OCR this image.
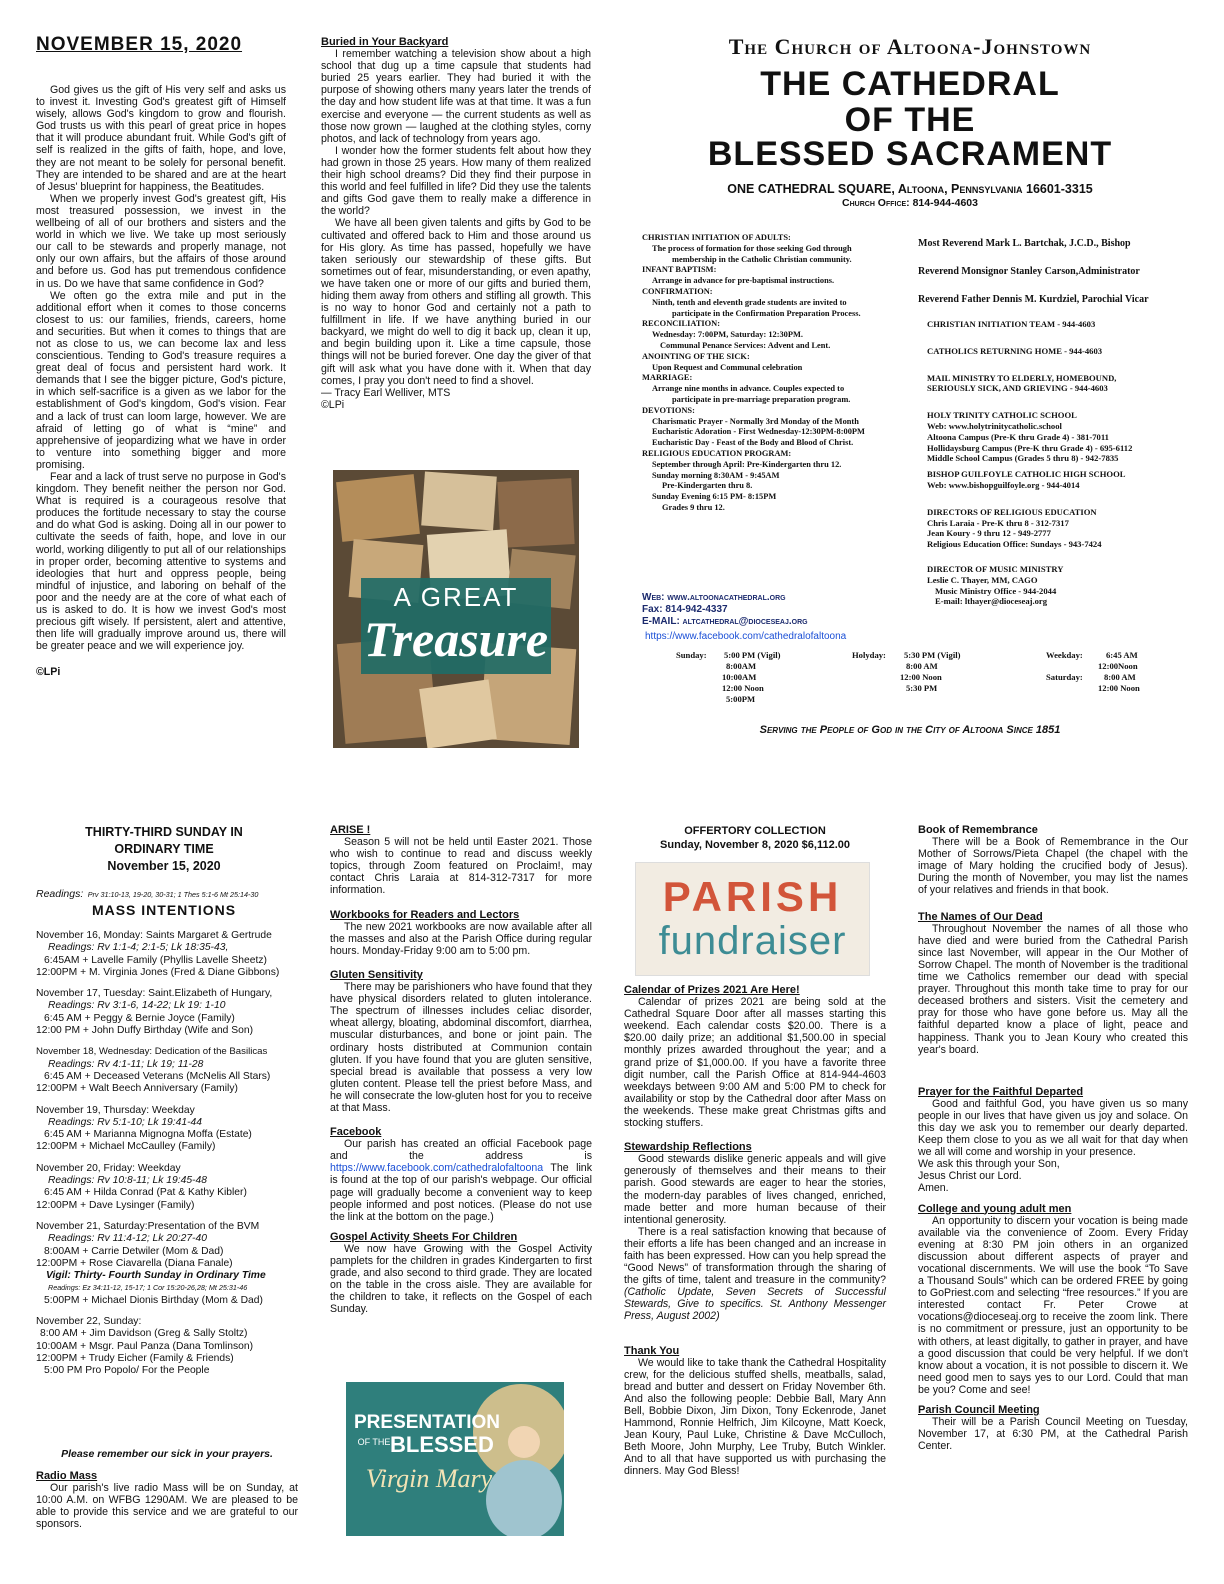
NOVEMBER 15, 2020

God gives us the gift of His very self and asks us to invest it. Investing God's greatest gift of Himself wisely, allows God's kingdom to grow and flourish. God trusts us with this pearl of great price in hopes that it will produce abundant fruit. While God's gift of self is realized in the gifts of faith, hope, and love, they are not meant to be solely for personal benefit. They are intended to be shared and are at the heart of Jesus' blueprint for happiness, the Beatitudes.

When we properly invest God's greatest gift, His most treasured possession, we invest in the wellbeing of all of our brothers and sisters and the world in which we live. We take up most seriously our call to be stewards and properly manage, not only our own affairs, but the affairs of those around and before us. God has put tremendous confidence in us. Do we have that same confidence in God?

We often go the extra mile and put in the additional effort when it comes to those concerns closest to us: our families, friends, careers, home and securities. But when it comes to things that are not as close to us, we can become lax and less conscientious. Tending to God's treasure requires a great deal of focus and persistent hard work. It demands that I see the bigger picture, God's picture, in which self-sacrifice is a given as we labor for the establishment of God's kingdom, God's vision. Fear and a lack of trust can loom large, however. We are afraid of letting go of what is “mine” and apprehensive of jeopardizing what we have in order to venture into something bigger and more promising.

Fear and a lack of trust serve no purpose in God's kingdom. They benefit neither the person nor God. What is required is a courageous resolve that produces the fortitude necessary to stay the course and do what God is asking. Doing all in our power to cultivate the seeds of faith, hope, and love in our world, working diligently to put all of our relationships in proper order, becoming attentive to systems and ideologies that hurt and oppress people, being mindful of injustice, and laboring on behalf of the poor and the needy are at the core of what each of us is asked to do. It is how we invest God's most precious gift wisely. If persistent, alert and attentive, then life will gradually improve around us, there will be greater peace and we will experience joy.

©LPi

Buried in Your Backyard

I remember watching a television show about a high school that dug up a time capsule that students had buried 25 years earlier. They had buried it with the purpose of showing others many years later the trends of the day and how student life was at that time. It was a fun exercise and everyone — the current students as well as those now grown — laughed at the clothing styles, corny photos, and lack of technology from years ago.

I wonder how the former students felt about how they had grown in those 25 years. How many of them realized their high school dreams? Did they find their purpose in this world and feel fulfilled in life? Did they use the talents and gifts God gave them to really make a difference in the world?

We have all been given talents and gifts by God to be cultivated and offered back to Him and those around us for His glory. As time has passed, hopefully we have taken seriously our stewardship of these gifts. But sometimes out of fear, misunderstanding, or even apathy, we have taken one or more of our gifts and buried them, hiding them away from others and stifling all growth. This is no way to honor God and certainly not a path to fulfillment in life. If we have anything buried in our backyard, we might do well to dig it back up, clean it up, and begin building upon it. Like a time capsule, those things will not be buried forever. One day the giver of that gift will ask what you have done with it. When that day comes, I pray you don't need to find a shovel.

— Tracy Earl Welliver, MTS

©LPi

A GREAT
Treasure
The Church of Altoona-Johnstown
THE CATHEDRAL
OF THE
BLESSED SACRAMENT
ONE CATHEDRAL SQUARE, Altoona, Pennsylvania 16601-3315
Church Office: 814-944-4603

CHRISTIAN INITIATION OF ADULTS:

The process of formation for those seeking God through

membership in the Catholic Christian community.

INFANT BAPTISM:

Arrange in advance for pre-baptismal instructions.

CONFIRMATION:

Ninth, tenth and eleventh grade students are invited to

participate in the Confirmation Preparation Process.

RECONCILIATION:

Wednesday: 7:00PM, Saturday: 12:30PM.

Communal Penance Services: Advent and Lent.

ANOINTING OF THE SICK:

Upon Request and Communal celebration

MARRIAGE:

Arrange nine months in advance. Couples expected to

participate in pre-marriage preparation program.

DEVOTIONS:

Charismatic Prayer - Normally 3rd Monday of the Month

Eucharistic Adoration - First Wednesday-12:30PM-8:00PM

Eucharistic Day - Feast of the Body and Blood of Christ.

RELIGIOUS EDUCATION PROGRAM:

September through April: Pre-Kindergarten thru 12.

Sunday morning 8:30AM - 9:45AM

Pre-Kindergarten thru 8.

Sunday Evening 6:15 PM- 8:15PM

Grades 9 thru 12.

Web: www.altoonacathedral.org
Fax: 814-942-4337
E-MAIL: altcathedral@dioceseaj.org
https://www.facebook.com/cathedralofaltoona

Most Reverend Mark L. Bartchak, J.C.D., Bishop

Reverend Monsignor Stanley Carson,Administrator

Reverend Father Dennis M. Kurdziel, Parochial Vicar

CHRISTIAN INITIATION TEAM - 944-4603

CATHOLICS RETURNING HOME - 944-4603

MAIL MINISTRY TO ELDERLY, HOMEBOUND,

SERIOUSLY SICK, AND GRIEVING - 944-4603

HOLY TRINITY CATHOLIC SCHOOL

Web: www.holytrinitycatholic.school

Altoona Campus (Pre-K thru Grade 4) - 381-7011

Hollidaysburg Campus (Pre-K thru Grade 4) - 695-6112

Middle School Campus (Grades 5 thru 8) - 942-7835

BISHOP GUILFOYLE CATHOLIC HIGH SCHOOL

Web: www.bishopguilfoyle.org - 944-4014

DIRECTORS OF RELIGIOUS EDUCATION

Chris Laraia - Pre-K thru 8 - 312-7317

Jean Koury - 9 thru 12 - 949-2777

Religious Education Office: Sundays - 943-7424

DIRECTOR OF MUSIC MINISTRY

Leslie C. Thayer, MM, CAGO

Music Ministry Office - 944-2044

E-mail: lthayer@dioceseaj.org

Sunday: 5:00 PM (Vigil)
8:00AM
10:00AM
12:00 Noon
5:00PM
Holyday: 5:30 PM (Vigil)
8:00 AM
12:00 Noon
5:30 PM
Weekday:	6:45 AM
12:00Noon
Saturday: 8:00 AM
12:00 Noon
Serving the People of God in the City of Altoona Since 1851
THIRTY-THIRD SUNDAY IN
ORDINARY TIME
November 15, 2020
Readings: Prv 31:10-13, 19-20, 30-31; 1 Thes 5:1-6 Mt 25:14-30
MASS INTENTIONS

November 16, Monday: Saints Margaret & Gertrude

Readings: Rv 1:1-4; 2:1-5; Lk 18:35-43,

6:45AM + Lavelle Family (Phyllis Lavelle Sheetz)

12:00PM + M. Virginia Jones (Fred & Diane Gibbons)

November 17, Tuesday: Saint.Elizabeth of Hungary,

Readings: Rv 3:1-6, 14-22; Lk 19: 1-10

6:45 AM + Peggy & Bernie Joyce (Family)

12:00 PM + John Duffy Birthday (Wife and Son)

November 18, Wednesday: Dedication of the Basilicas

Readings: Rv 4:1-11; Lk 19; 11-28

6:45 AM + Deceased Veterans (McNelis All Stars)

12:00PM + Walt Beech Anniversary (Family)

November 19, Thursday: Weekday

Readings: Rv 5:1-10; Lk 19:41-44

6:45 AM + Marianna Mignogna Moffa (Estate)

12:00PM + Michael McCaulley (Family)

November 20, Friday: Weekday

Readings: Rv 10:8-11; Lk 19:45-48

6:45 AM + Hilda Conrad (Pat & Kathy Kibler)

12:00PM + Dave Lysinger (Family)

November 21, Saturday:Presentation of the BVM

Readings: Rv 11:4-12; Lk 20:27-40

8:00AM + Carrie Detwiler (Mom & Dad)

12:00PM + Rose Ciavarella (Diana Fanale)

Vigil: Thirty- Fourth Sunday in Ordinary Time

Readings: Ez 34:11-12, 15-17; 1 Cor 15:20-26,28; Mt 25:31-46

5:00PM + Michael Dionis Birthday (Mom & Dad)

November 22, Sunday:

8:00 AM + Jim Davidson (Greg & Sally Stoltz)

10:00AM + Msgr. Paul Panza (Dana Tomlinson)

12:00PM + Trudy Eicher (Family & Friends)

5:00 PM Pro Popolo/ For the People

Please remember our sick in your prayers.

Radio Mass

Our parish's live radio Mass will be on Sunday, at 10:00 A.M. on WFBG 1290AM. We are pleased to be able to provide this service and we are grateful to our sponsors.

ARISE !

Season 5 will not be held until Easter 2021. Those who wish to continue to read and discuss weekly topics, through Zoom featured on Proclaim!, may contact Chris Laraia at 814-312-7317 for more information.

Workbooks for Readers and Lectors

The new 2021 workbooks are now available after all the masses and also at the Parish Office during regular hours. Monday-Friday 9:00 am to 5:00 pm.

Gluten Sensitivity

There may be parishioners who have found that they have physical disorders related to gluten intolerance. The spectrum of illnesses includes celiac disorder, wheat allergy, bloating, abdominal discomfort, diarrhea, muscular disturbances, and bone or joint pain. The ordinary hosts distributed at Communion contain gluten. If you have found that you are gluten sensitive, special bread is available that possess a very low gluten content. Please tell the priest before Mass, and he will consecrate the low-gluten host for you to receive at that Mass.

Facebook

Our parish has created an official Facebook page and the address is https://www.facebook.com/cathedralofaltoona The link is found at the top of our parish's webpage. Our official page will gradually become a convenient way to keep people informed and post notices. (Please do not use the link at the bottom on the page.)

Gospel Activity Sheets For Children

We now have Growing with the Gospel Activity pamplets for the children in grades Kindergarten to first grade, and also second to third grade. They are located on the table in the cross aisle. They are available for the children to take, it reflects on the Gospel of each Sunday.

PRESENTATION
OF THE BLESSED
Virgin Mary
OFFERTORY COLLECTION
Sunday, November 8, 2020 $6,112.00
PARISH
fundraiser

Calendar of Prizes 2021 Are Here!

Calendar of prizes 2021 are being sold at the Cathedral Square Door after all masses starting this weekend. Each calendar costs $20.00. There is a $20.00 daily prize; an additional $1,500.00 in special monthly prizes awarded throughout the year; and a grand prize of $1,000.00. If you have a favorite three digit number, call the Parish Office at 814-944-4603 weekdays between 9:00 AM and 5:00 PM to check for availability or stop by the Cathedral door after Mass on the weekends. These make great Christmas gifts and stocking stuffers.

Stewardship Reflections

Good stewards dislike generic appeals and will give generously of themselves and their means to their parish. Good stewards are eager to hear the stories, the modern-day parables of lives changed, enriched, made better and more human because of their intentional generosity.

There is a real satisfaction knowing that because of their efforts a life has been changed and an increase in faith has been expressed. How can you help spread the “Good News” of transformation through the sharing of the gifts of time, talent and treasure in the community? (Catholic Update, Seven Secrets of Successful Stewards, Give to specifics. St. Anthony Messenger Press, August 2002)

Thank You

We would like to take thank the Cathedral Hospitality crew, for the delicious stuffed shells, meatballs, salad, bread and butter and dessert on Friday November 6th. And also the following people: Debbie Ball, Mary Ann Bell, Bobbie Dixon, Jim Dixon, Tony Eckenrode, Janet Hammond, Ronnie Helfrich, Jim Kilcoyne, Matt Koeck, Jean Koury, Paul Luke, Christine & Dave McCulloch, Beth Moore, John Murphy, Lee Truby, Butch Winkler. And to all that have supported us with purchasing the dinners. May God Bless!

Book of Remembrance

There will be a Book of Remembrance in the Our Mother of Sorrows/Pieta Chapel (the chapel with the image of Mary holding the crucified body of Jesus). During the month of November, you may list the names of your relatives and friends in that book.

The Names of Our Dead

Throughout November the names of all those who have died and were buried from the Cathedral Parish since last November, will appear in the Our Mother of Sorrow Chapel. The month of November is the traditional time we Catholics remember our dead with special prayer. Throughout this month take time to pray for our deceased brothers and sisters. Visit the cemetery and pray for those who have gone before us. May all the faithful departed know a place of light, peace and happiness. Thank you to Jean Koury who created this year's board.

Prayer for the Faithful Departed

Good and faithful God, you have given us so many people in our lives that have given us joy and solace. On this day we ask you to remember our dearly departed. Keep them close to you as we all wait for that day when we all will come and worship in your presence.

We ask this through your Son,

Jesus Christ our Lord.

Amen.

College and young adult men

An opportunity to discern your vocation is being made available via the convenience of Zoom. Every Friday evening at 8:30 PM join others in an organized discussion about different aspects of prayer and vocational discernments. We will use the book “To Save a Thousand Souls” which can be ordered FREE by going to GoPriest.com and selecting “free resources.” If you are interested contact Fr. Peter Crowe at vocations@dioceseaj.org to receive the zoom link. There is no commitment or pressure, just an opportunity to be with others, at least digitally, to gather in prayer, and have a good discussion that could be very helpful. If we don't know about a vocation, it is not possible to discern it. We need good men to says yes to our Lord. Could that man be you? Come and see!

Parish Council Meeting

Their will be a Parish Council Meeting on Tuesday, November 17, at 6:30 PM, at the Cathedral Parish Center.
